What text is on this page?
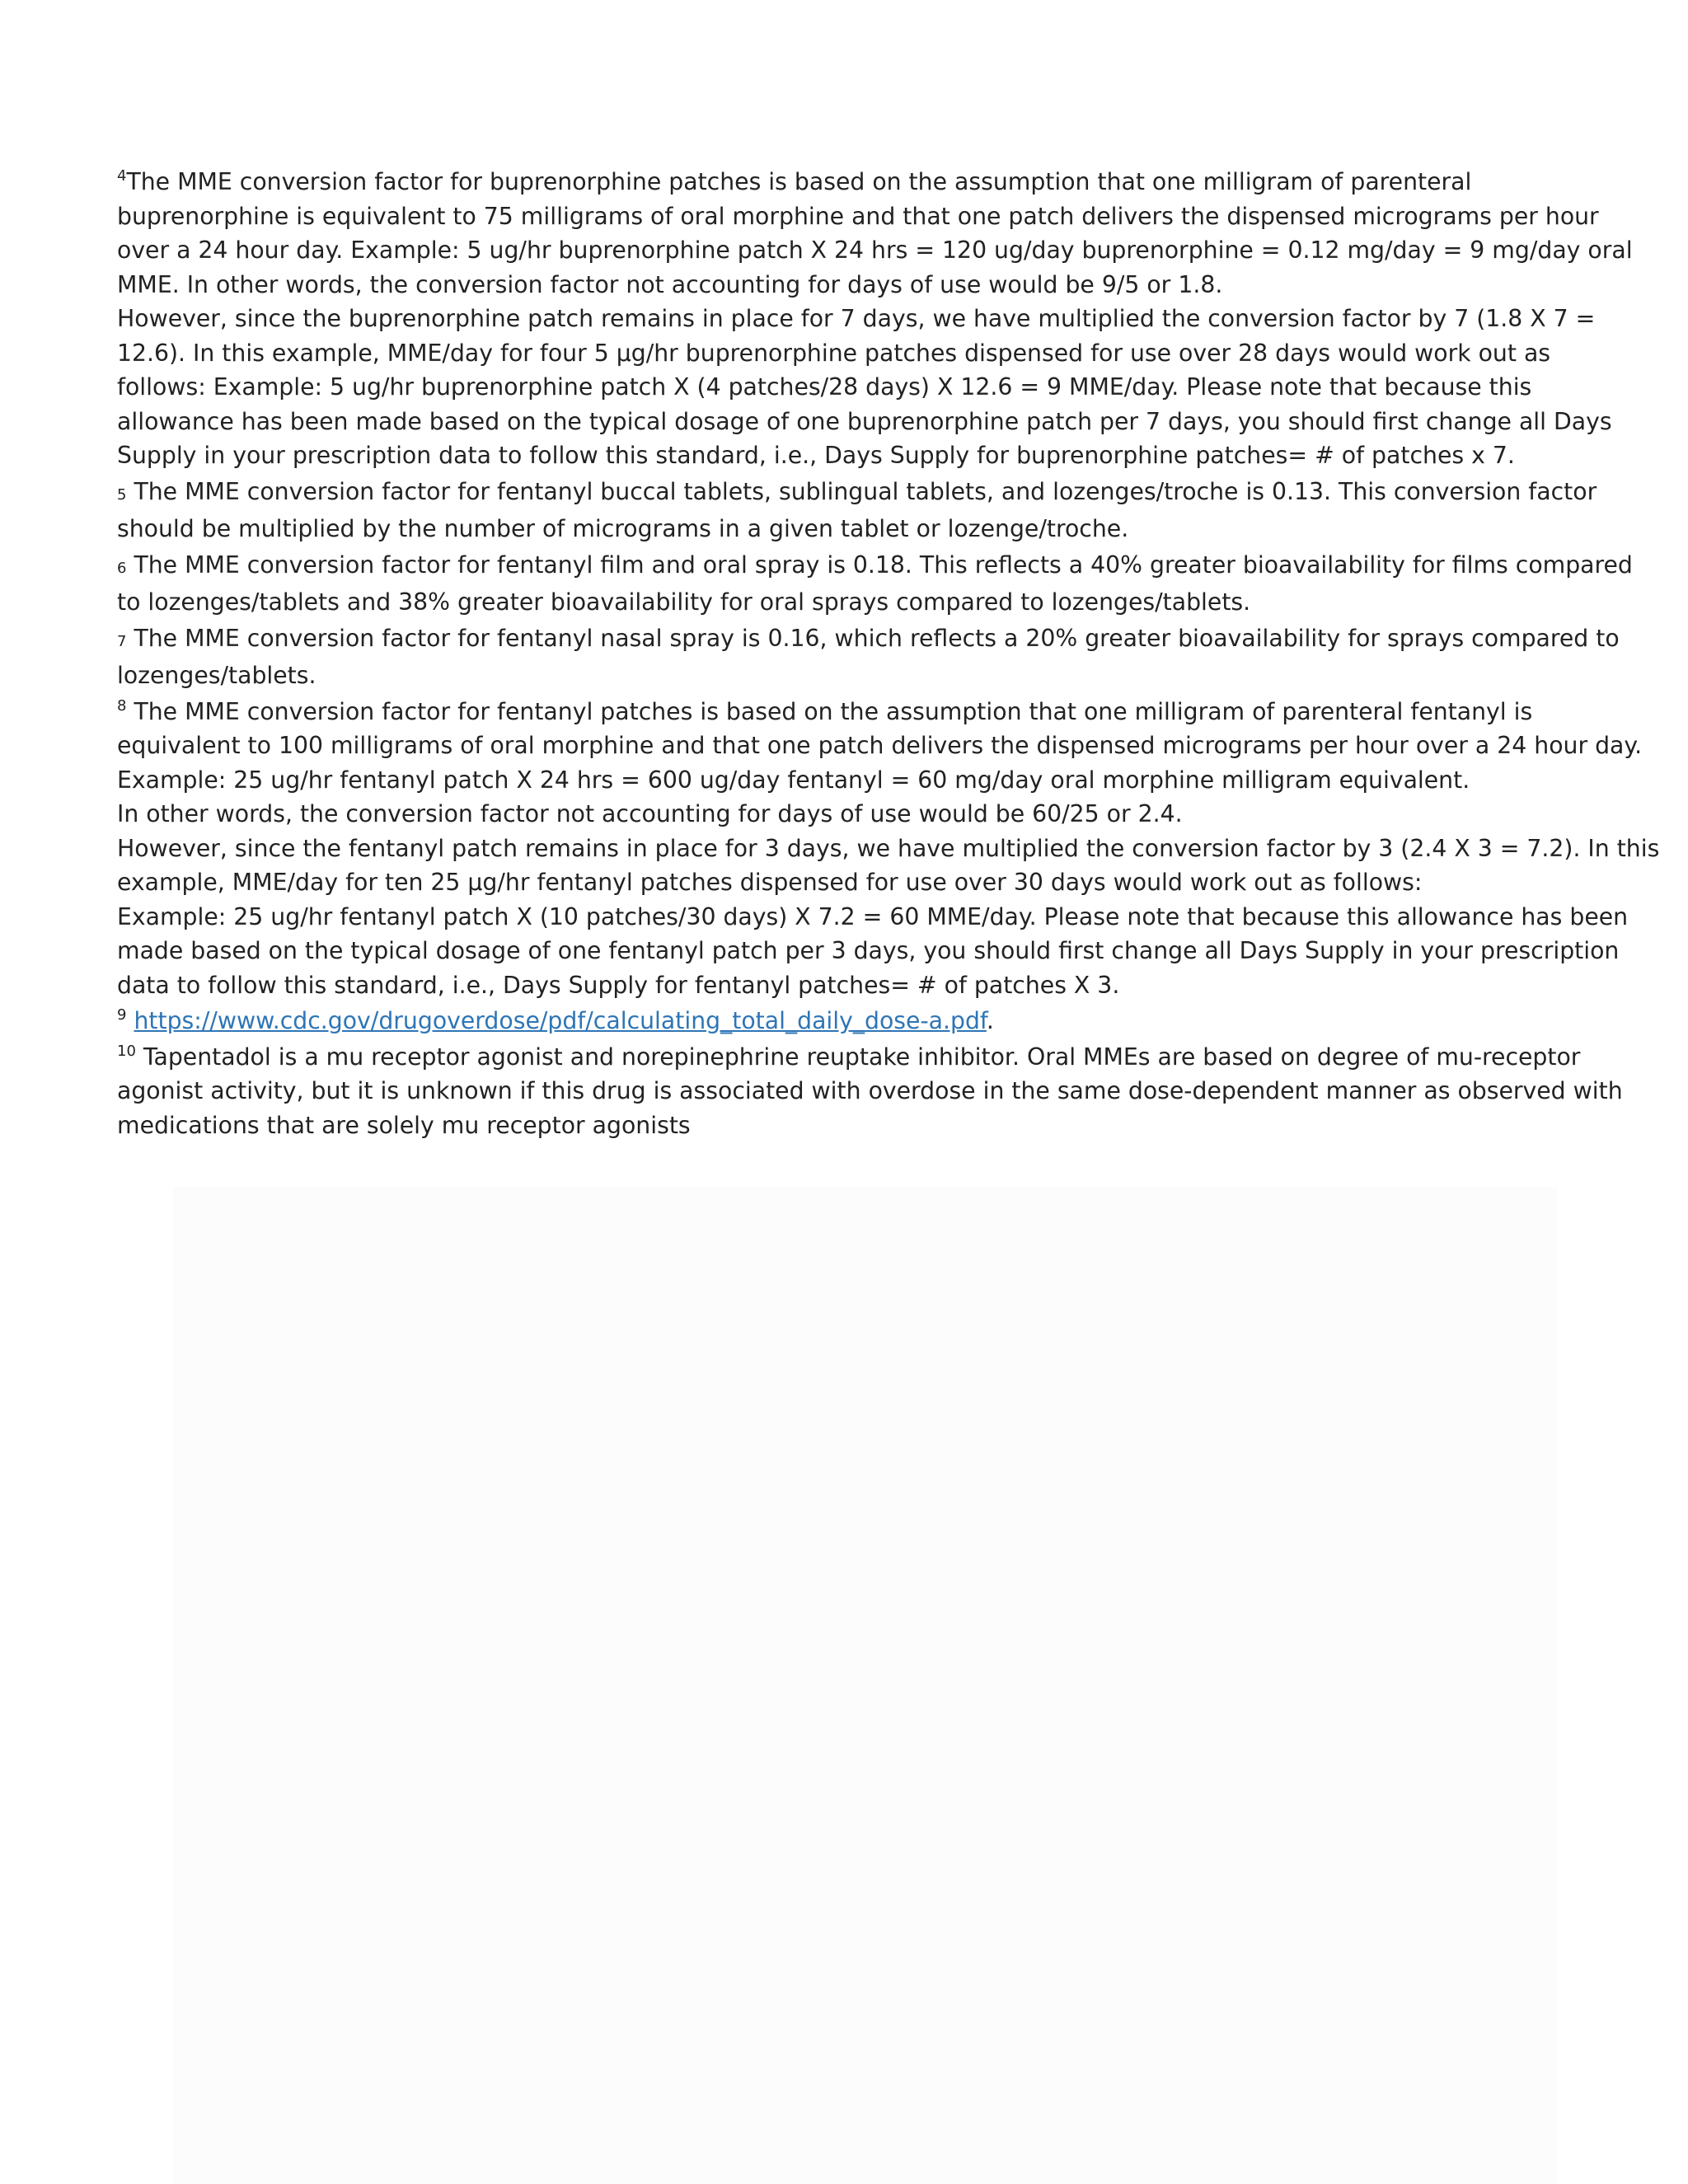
$^4$The MME conversion factor for buprenorphine patches is based on the assumption that one milligram of parenteral
buprenorphine is equivalent to 75 milligrams of oral morphine and that one patch delivers the dispensed micrograms per hour
over a 24 hour day. Example: 5 ug/hr buprenorphine patch X 24 hrs = 120 ug/day buprenorphine = 0.12 mg/day = 9 mg/day oral
MME. In other words, the conversion factor not accounting for days of use would be 9/5 or 1.8.
However, since the buprenorphine patch remains in place for 7 days, we have multiplied the conversion factor by 7 (1.8 X 7 =
12.6). In this example, MME/day for four 5 µg/hr buprenorphine patches dispensed for use over 28 days would work out as
follows: Example: 5 ug/hr buprenorphine patch X (4 patches/28 days) X 12.6 = 9 MME/day. Please note that because this
allowance has been made based on the typical dosage of one buprenorphine patch per 7 days, you should first change all Days
Supply in your prescription data to follow this standard, i.e., Days Supply for buprenorphine patches= # of patches x 7.
5 The MME conversion factor for fentanyl buccal tablets, sublingual tablets, and lozenges/troche is 0.13. This conversion factor
should be multiplied by the number of micrograms in a given tablet or lozenge/troche.
6 The MME conversion factor for fentanyl film and oral spray is 0.18. This reflects a 40% greater bioavailability for films compared
to lozenges/tablets and 38% greater bioavailability for oral sprays compared to lozenges/tablets.
7 The MME conversion factor for fentanyl nasal spray is 0.16, which reflects a 20% greater bioavailability for sprays compared to
lozenges/tablets.
$^8$ The MME conversion factor for fentanyl patches is based on the assumption that one milligram of parenteral fentanyl is
equivalent to 100 milligrams of oral morphine and that one patch delivers the dispensed micrograms per hour over a 24 hour day.
Example: 25 ug/hr fentanyl patch X 24 hrs = 600 ug/day fentanyl = 60 mg/day oral morphine milligram equivalent.
In other words, the conversion factor not accounting for days of use would be 60/25 or 2.4.
However, since the fentanyl patch remains in place for 3 days, we have multiplied the conversion factor by 3 (2.4 X 3 = 7.2). In this
example, MME/day for ten 25 µg/hr fentanyl patches dispensed for use over 30 days would work out as follows:
Example: 25 ug/hr fentanyl patch X (10 patches/30 days) X 7.2 = 60 MME/day. Please note that because this allowance has been
made based on the typical dosage of one fentanyl patch per 3 days, you should first change all Days Supply in your prescription
data to follow this standard, i.e., Days Supply for fentanyl patches= # of patches X 3.
$^9$ https://www.cdc.gov/drugoverdose/pdf/calculating_total_daily_dose-a.pdf.
$^{10}$ Tapentadol is a mu receptor agonist and norepinephrine reuptake inhibitor. Oral MMEs are based on degree of mu-receptor
agonist activity, but it is unknown if this drug is associated with overdose in the same dose-dependent manner as observed with
medications that are solely mu receptor agonists
